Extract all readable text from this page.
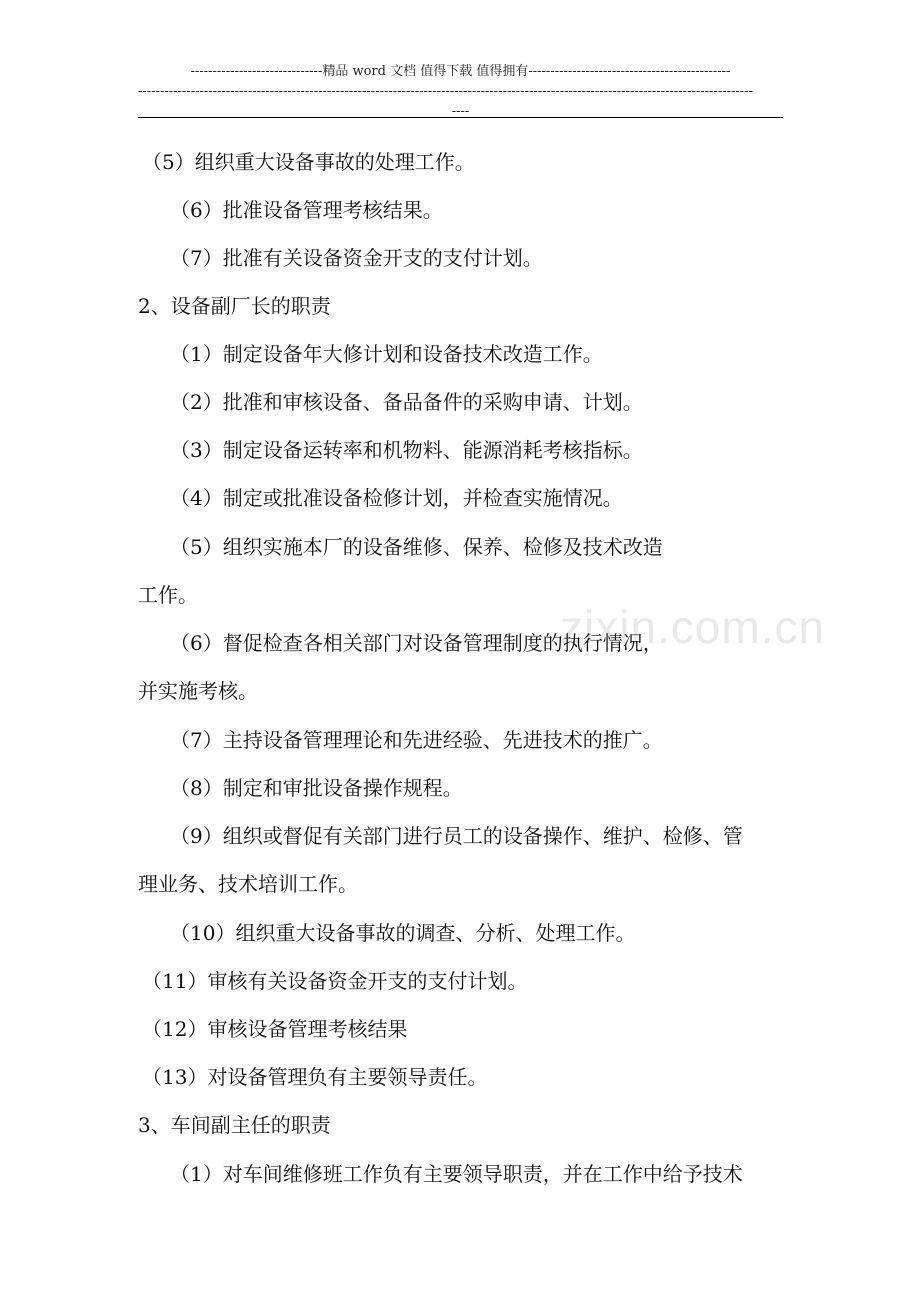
------------------------------精品 word 文档 值得下载 值得拥有----------------------------------------------
--------------------------------------------------------------------------------------------------------------------------------------------
----
zixin.com.cn
（5）组织重大设备事故的处理工作。
（6）批准设备管理考核结果。
（7）批准有关设备资金开支的支付计划。
2、设备副厂长的职责
（1）制定设备年大修计划和设备技术改造工作。
（2）批准和审核设备、备品备件的采购申请、计划。
（3）制定设备运转率和机物料、能源消耗考核指标。
（4）制定或批准设备检修计划，并检查实施情况。
（5）组织实施本厂的设备维修、保养、检修及技术改造
工作。
（6）督促检查各相关部门对设备管理制度的执行情况，
并实施考核。
（7）主持设备管理理论和先进经验、先进技术的推广。
（8）制定和审批设备操作规程。
（9）组织或督促有关部门进行员工的设备操作、维护、检修、管
理业务、技术培训工作。
（10）组织重大设备事故的调查、分析、处理工作。
（11）审核有关设备资金开支的支付计划。
（12）审核设备管理考核结果
（13）对设备管理负有主要领导责任。
3、车间副主任的职责
（1）对车间维修班工作负有主要领导职责，并在工作中给予技术
